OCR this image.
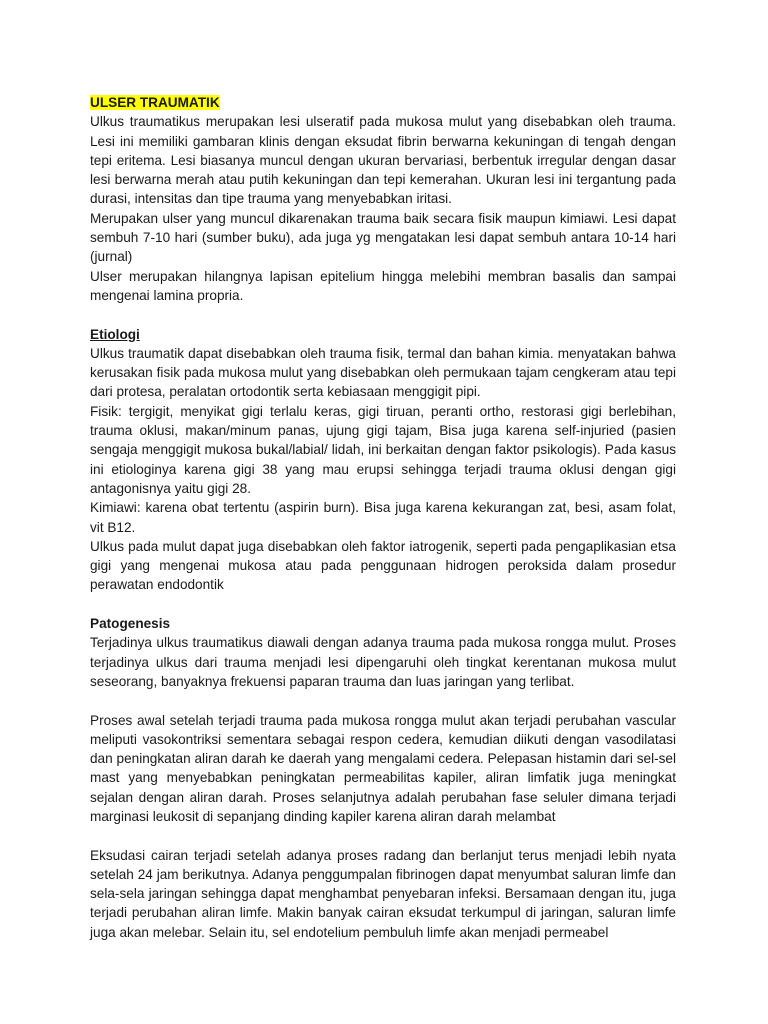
ULSER TRAUMATIK

Ulkus traumatikus merupakan lesi ulseratif pada mukosa mulut yang disebabkan oleh trauma. Lesi ini memiliki gambaran klinis dengan eksudat fibrin berwarna kekuningan di tengah dengan tepi eritema. Lesi biasanya muncul dengan ukuran bervariasi, berbentuk irregular dengan dasar lesi berwarna merah atau putih kekuningan dan tepi kemerahan. Ukuran lesi ini tergantung pada durasi, intensitas dan tipe trauma yang menyebabkan iritasi.

Merupakan ulser yang muncul dikarenakan trauma baik secara fisik maupun kimiawi. Lesi dapat sembuh 7-10 hari (sumber buku), ada juga yg mengatakan lesi dapat sembuh antara 10-14 hari (jurnal)

Ulser merupakan hilangnya lapisan epitelium hingga melebihi membran basalis dan sampai mengenai lamina propria.

Etiologi

Ulkus traumatik dapat disebabkan oleh trauma fisik, termal dan bahan kimia. menyatakan bahwa kerusakan fisik pada mukosa mulut yang disebabkan oleh permukaan tajam cengkeram atau tepi dari protesa, peralatan ortodontik serta kebiasaan menggigit pipi.

Fisik: tergigit, menyikat gigi terlalu keras, gigi tiruan, peranti ortho, restorasi gigi berlebihan, trauma oklusi, makan/minum panas, ujung gigi tajam, Bisa juga karena self-injuried (pasien sengaja menggigit mukosa bukal/labial/ lidah, ini berkaitan dengan faktor psikologis). Pada kasus ini etiologinya karena gigi 38 yang mau erupsi sehingga terjadi trauma oklusi dengan gigi antagonisnya yaitu gigi 28.

Kimiawi: karena obat tertentu (aspirin burn). Bisa juga karena kekurangan zat, besi, asam folat, vit B12.

Ulkus pada mulut dapat juga disebabkan oleh faktor iatrogenik, seperti pada pengaplikasian etsa gigi yang mengenai mukosa atau pada penggunaan hidrogen peroksida dalam prosedur perawatan endodontik

Patogenesis

Terjadinya ulkus traumatikus diawali dengan adanya trauma pada mukosa rongga mulut. Proses terjadinya ulkus dari trauma menjadi lesi dipengaruhi oleh tingkat kerentanan mukosa mulut seseorang, banyaknya frekuensi paparan trauma dan luas jaringan yang terlibat.

Proses awal setelah terjadi trauma pada mukosa rongga mulut akan terjadi perubahan vascular meliputi vasokontriksi sementara sebagai respon cedera, kemudian diikuti dengan vasodilatasi dan peningkatan aliran darah ke daerah yang mengalami cedera. Pelepasan histamin dari sel-sel mast yang menyebabkan peningkatan permeabilitas kapiler, aliran limfatik juga meningkat sejalan dengan aliran darah. Proses selanjutnya adalah perubahan fase seluler dimana terjadi marginasi leukosit di sepanjang dinding kapiler karena aliran darah melambat

Eksudasi cairan terjadi setelah adanya proses radang dan berlanjut terus menjadi lebih nyata setelah 24 jam berikutnya. Adanya penggumpalan fibrinogen dapat menyumbat saluran limfe dan sela-sela jaringan sehingga dapat menghambat penyebaran infeksi. Bersamaan dengan itu, juga terjadi perubahan aliran limfe. Makin banyak cairan eksudat terkumpul di jaringan, saluran limfe juga akan melebar. Selain itu, sel endotelium pembuluh limfe akan menjadi permeabel
